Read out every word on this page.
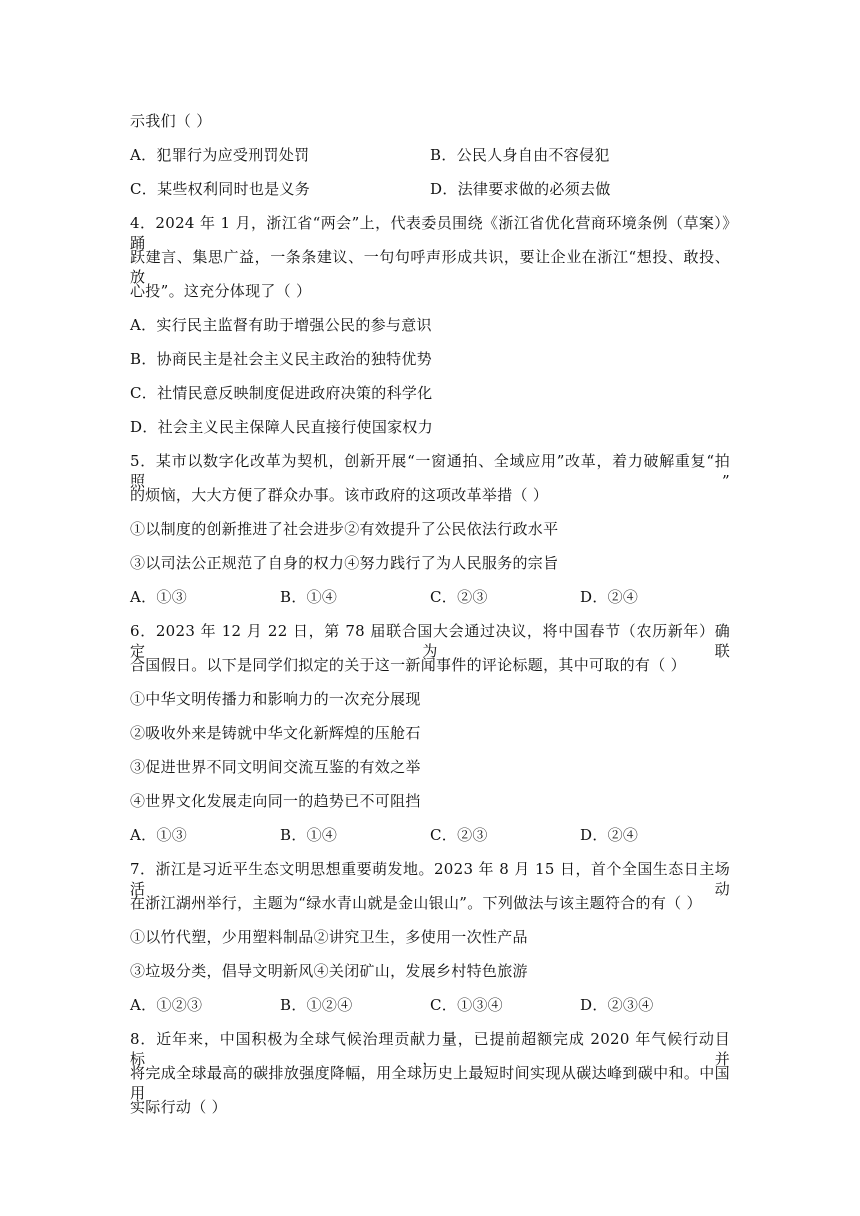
示我们（ ）
A．犯罪行为应受刑罚处罚	B．公民人身自由不容侵犯
C．某些权利同时也是义务	D．法律要求做的必须去做
4．2024 年 1 月，浙江省“两会”上，代表委员围绕《浙江省优化营商环境条例（草案）》踊
跃建言、集思广益，一条条建议、一句句呼声形成共识，要让企业在浙江“想投、敢投、放
心投”。这充分体现了（ ）
A．实行民主监督有助于增强公民的参与意识
B．协商民主是社会主义民主政治的独特优势
C．社情民意反映制度促进政府决策的科学化
D．社会主义民主保障人民直接行使国家权力
5．某市以数字化改革为契机，创新开展“一窗通拍、全域应用”改革，着力破解重复“拍照”
的烦恼，大大方便了群众办事。该市政府的这项改革举措（ ）
①以制度的创新推进了社会进步②有效提升了公民依法行政水平
③以司法公正规范了自身的权力④努力践行了为人民服务的宗旨
A．①③	B．①④	C．②③	D．②④
6．2023 年 12 月 22 日，第 78 届联合国大会通过决议，将中国春节（农历新年）确定为联
合国假日。以下是同学们拟定的关于这一新闻事件的评论标题，其中可取的有（ ）
①中华文明传播力和影响力的一次充分展现
②吸收外来是铸就中华文化新辉煌的压舱石
③促进世界不同文明间交流互鉴的有效之举
④世界文化发展走向同一的趋势已不可阻挡
A．①③	B．①④	C．②③	D．②④
7．浙江是习近平生态文明思想重要萌发地。2023 年 8 月 15 日，首个全国生态日主场活动
在浙江湖州举行，主题为“绿水青山就是金山银山”。下列做法与该主题符合的有（ ）
①以竹代塑，少用塑料制品②讲究卫生，多使用一次性产品
③垃圾分类，倡导文明新风④关闭矿山，发展乡村特色旅游
A．①②③	B．①②④	C．①③④	D．②③④
8．近年来，中国积极为全球气候治理贡献力量，已提前超额完成 2020 年气候行动目标，并
将完成全球最高的碳排放强度降幅，用全球历史上最短时间实现从碳达峰到碳中和。中国用
实际行动（ ）
